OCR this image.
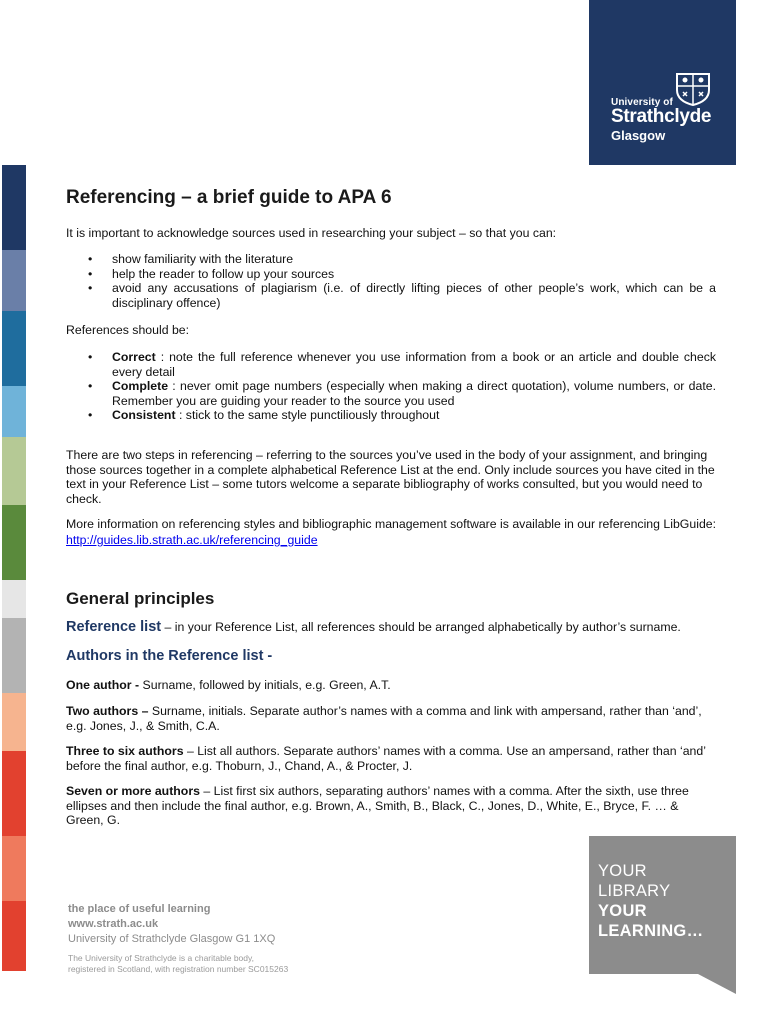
University of
Strathclyde
Glasgow
Referencing – a brief guide to APA 6

It is important to acknowledge sources used in researching your subject – so that you can:

• show familiarity with the literature
• help the reader to follow up your sources
• avoid any accusations of plagiarism (i.e. of directly lifting pieces of other people’s work, which can be a disciplinary offence)

References should be:

• Correct : note the full reference whenever you use information from a book or an article and double check every detail
• Complete : never omit page numbers (especially when making a direct quotation), volume numbers, or date. Remember you are guiding your reader to the source you used
• Consistent : stick to the same style punctiliously throughout

There are two steps in referencing – referring to the sources you’ve used in the body of your assignment, and bringing those sources together in a complete alphabetical Reference List at the end. Only include sources you have cited in the text in your Reference List – some tutors welcome a separate bibliography of works consulted, but you would need to check.

More information on referencing styles and bibliographic management software is available in our referencing LibGuide: http://guides.lib.strath.ac.uk/referencing_guide

General principles

Reference list – in your Reference List, all references should be arranged alphabetically by author’s surname.

Authors in the Reference list -

One author - Surname, followed by initials, e.g. Green, A.T.

Two authors – Surname, initials. Separate author’s names with a comma and link with ampersand, rather than ‘and’, e.g. Jones, J., & Smith, C.A.

Three to six authors – List all authors. Separate authors’ names with a comma. Use an ampersand, rather than ‘and’ before the final author, e.g. Thoburn, J., Chand, A., & Procter, J.

Seven or more authors – List first six authors, separating authors’ names with a comma. After the sixth, use three ellipses and then include the final author, e.g. Brown, A., Smith, B., Black, C., Jones, D., White, E., Bryce, F. … & Green, G.

the place of useful learning
www.strath.ac.uk
University of Strathclyde Glasgow G1 1XQ
The University of Strathclyde is a charitable body,
registered in Scotland, with registration number SC015263
YOUR
LIBRARY
YOUR
LEARNING…
